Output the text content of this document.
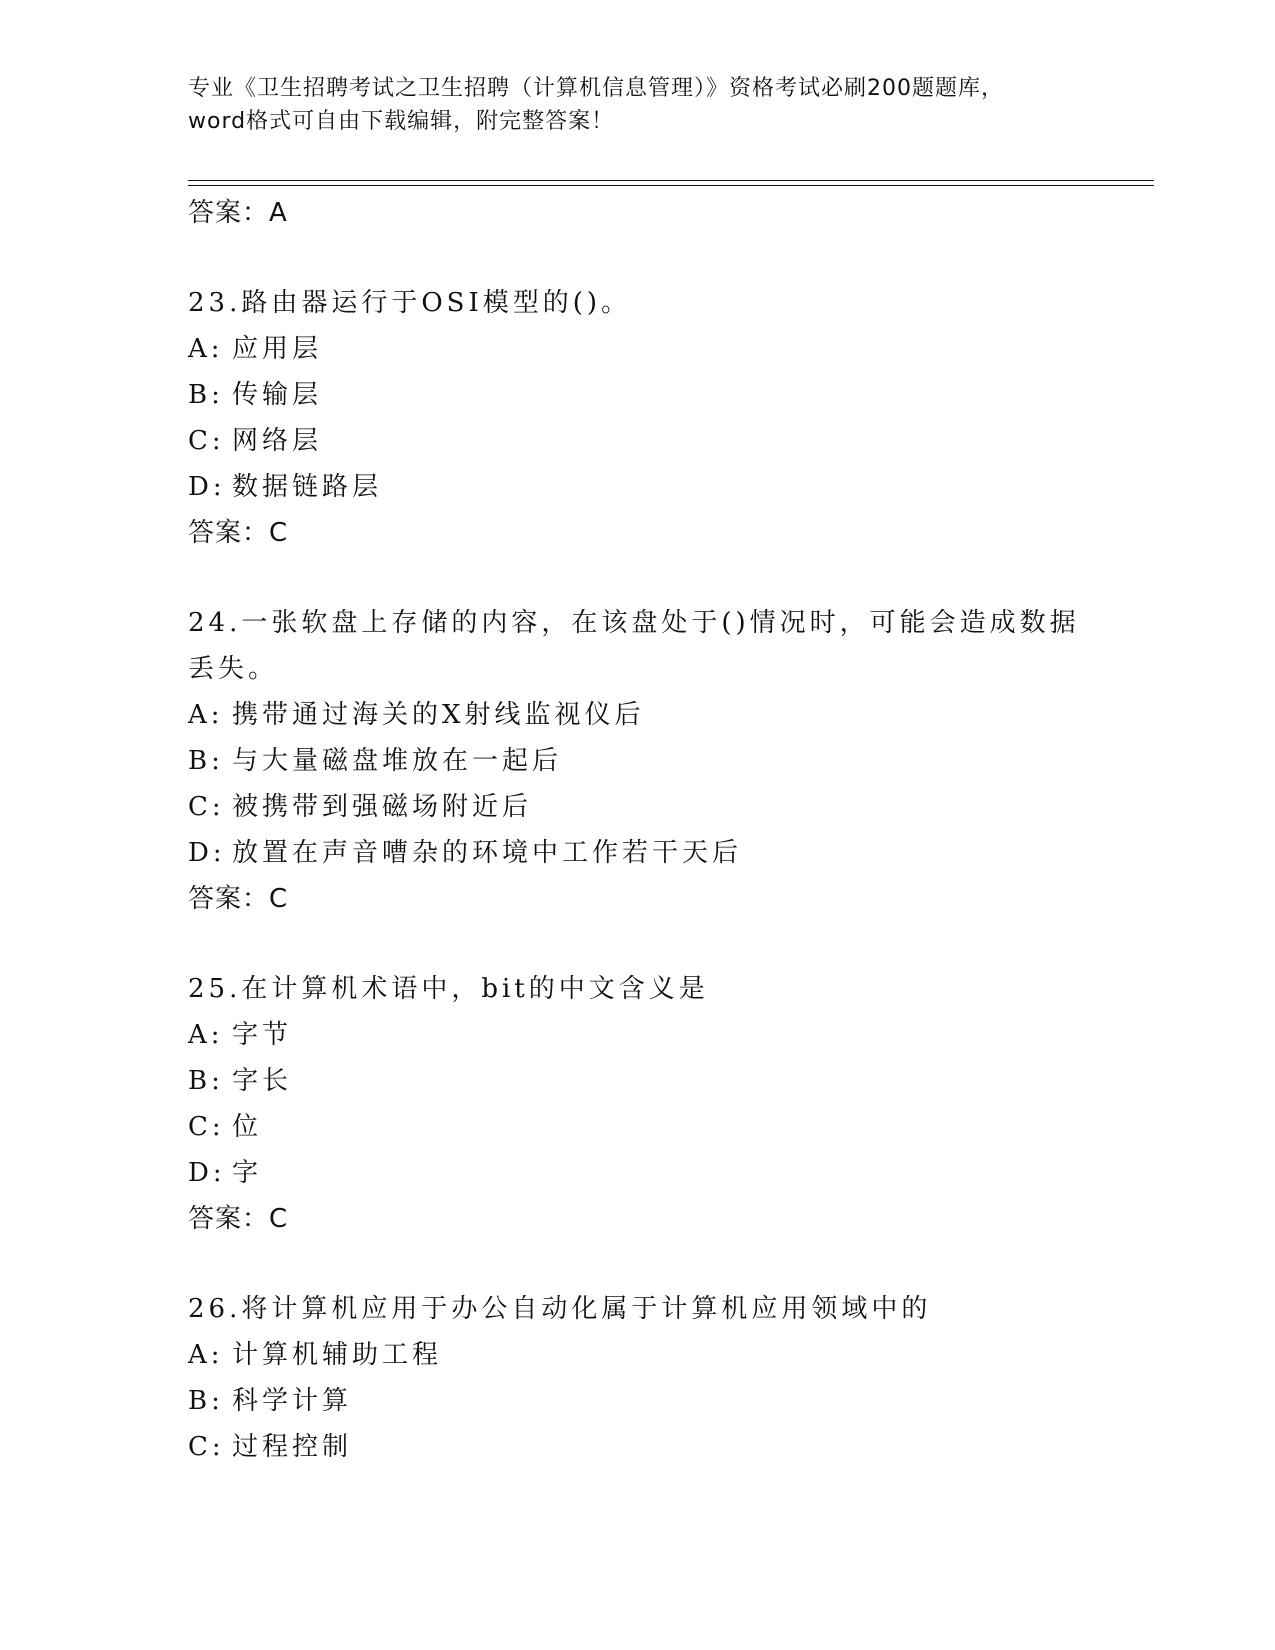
专业《卫生招聘考试之卫生招聘（计算机信息管理）》资格考试必刷200题题库，
word格式可自由下载编辑，附完整答案！
答案：A
23.路由器运行于OSI模型的()。
A: 应用层
B: 传输层
C: 网络层
D: 数据链路层
答案：C
24.一张软盘上存储的内容，在该盘处于()情况时，可能会造成数据丢失。
A: 携带通过海关的X射线监视仪后
B: 与大量磁盘堆放在一起后
C: 被携带到强磁场附近后
D: 放置在声音嘈杂的环境中工作若干天后
答案：C
25.在计算机术语中，bit的中文含义是
A: 字节
B: 字长
C: 位
D: 字
答案：C
26.将计算机应用于办公自动化属于计算机应用领域中的
A: 计算机辅助工程
B: 科学计算
C: 过程控制
